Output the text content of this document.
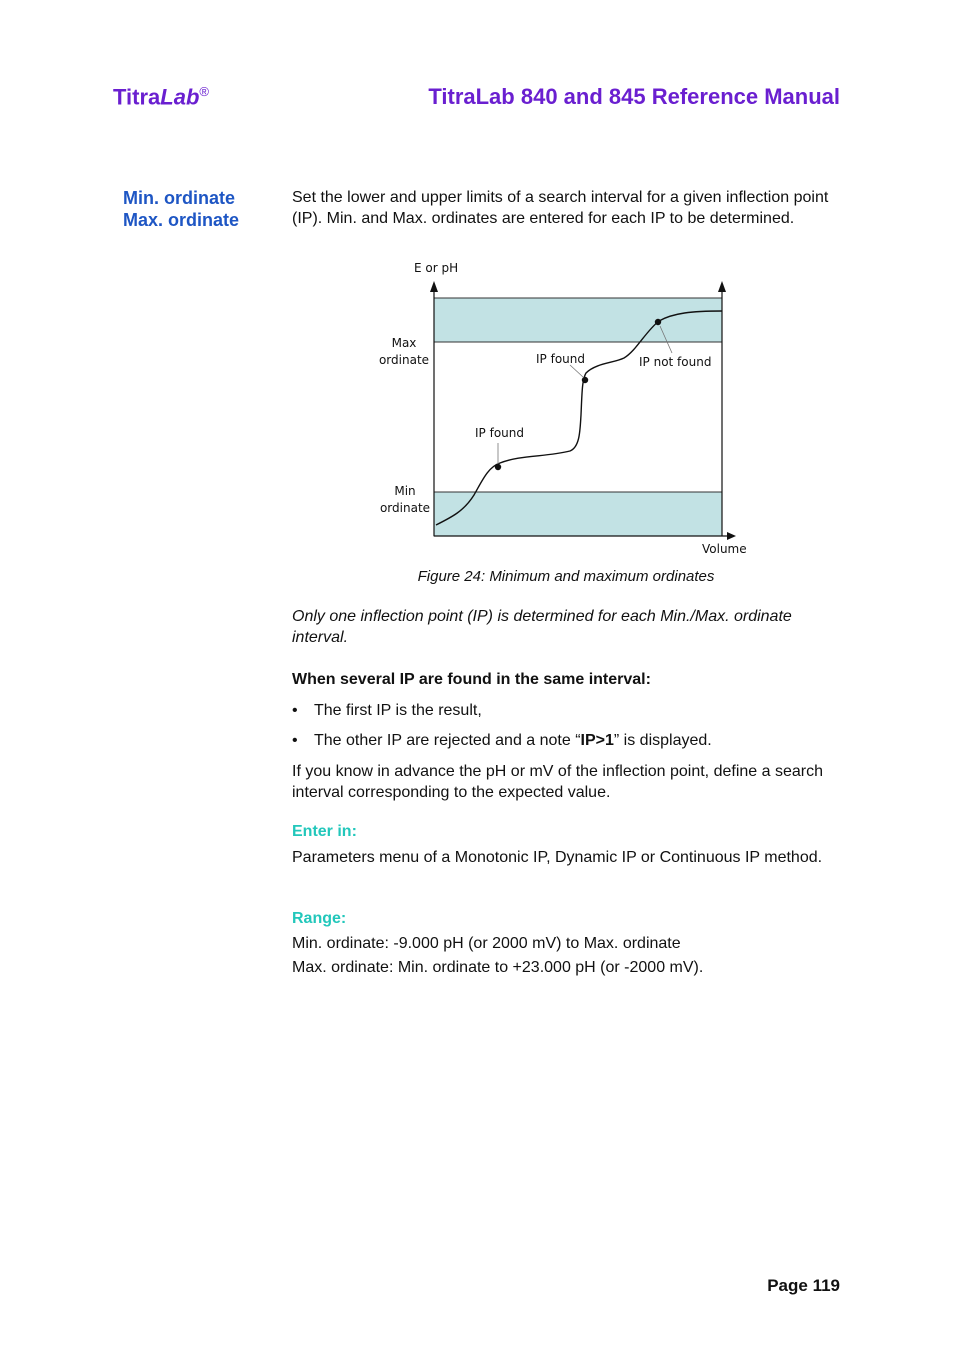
TitraLab®	TitraLab 840 and 845 Reference Manual
Min. ordinate
Max. ordinate

Set the lower and upper limits of a search interval for a given inflection point (IP). Min. and Max. ordinates are entered for each IP to be determined.

E or pH
Volume
Max
ordinate
Min
ordinate
IP found
IP found
IP not found
Figure 24: Minimum and maximum ordinates

Only one inflection point (IP) is determined for each Min./Max. ordinate interval.

When several IP are found in the same interval:

• The first IP is the result,
• The other IP are rejected and a note “IP>1” is displayed.

If you know in advance the pH or mV of the inflection point, define a search interval corresponding to the expected value.

Enter in:

Parameters menu of a Monotonic IP, Dynamic IP or Continuous IP method.

Range:
Min. ordinate: -9.000 pH (or 2000 mV) to Max. ordinate
Max. ordinate: Min. ordinate to +23.000 pH (or -2000 mV).
Page 119
